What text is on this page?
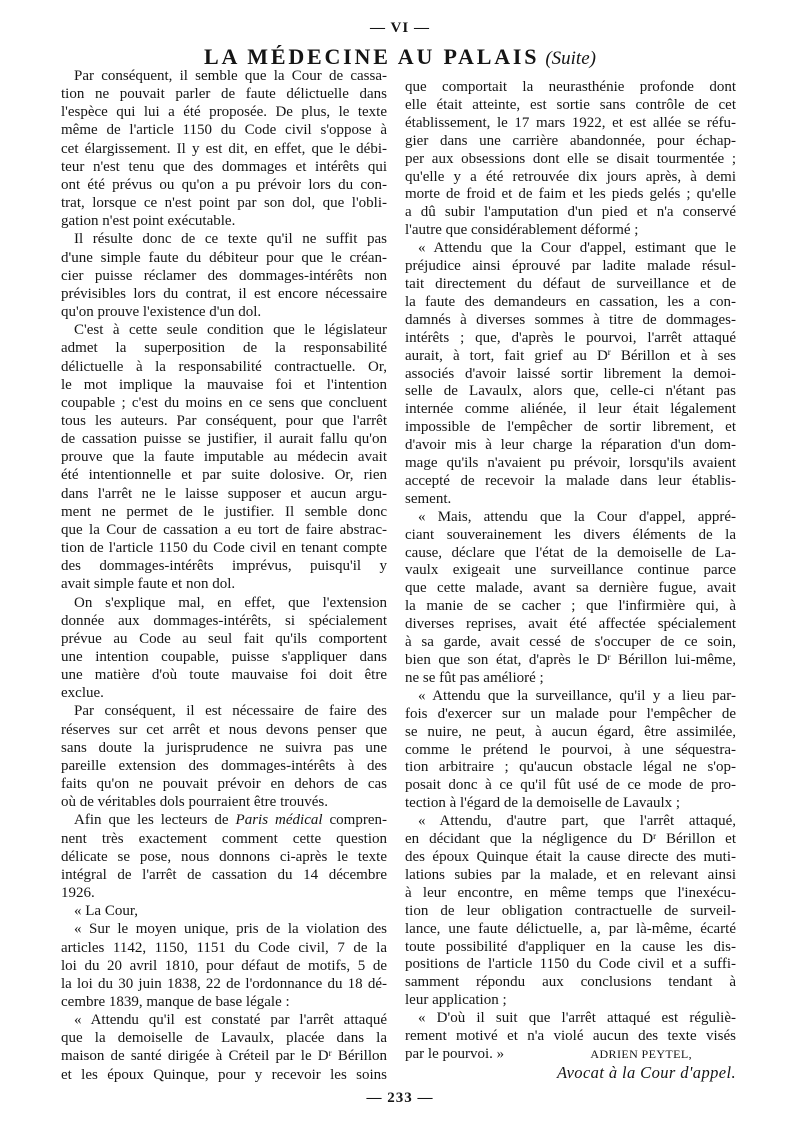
— VI —
LA MÉDECINE AU PALAIS (Suite)
Par conséquent, il semble que la Cour de cassa-
tion ne pouvait parler de faute délictuelle dans
l'espèce qui lui a été proposée. De plus, le texte
même de l'article 1150 du Code civil s'oppose à
cet élargissement. Il y est dit, en effet, que le débi-
teur n'est tenu que des dommages et intérêts qui
ont été prévus ou qu'on a pu prévoir lors du con-
trat, lorsque ce n'est point par son dol, que l'obli-
gation n'est point exécutable.
Il résulte donc de ce texte qu'il ne suffit pas
d'une simple faute du débiteur pour que le créan-
cier puisse réclamer des dommages-intérêts non
prévisibles lors du contrat, il est encore nécessaire
qu'on prouve l'existence d'un dol.
C'est à cette seule condition que le législateur
admet la superposition de la responsabilité
délictuelle à la responsabilité contractuelle. Or,
le mot implique la mauvaise foi et l'intention
coupable ; c'est du moins en ce sens que concluent
tous les auteurs. Par conséquent, pour que l'arrêt
de cassation puisse se justifier, il aurait fallu qu'on
prouve que la faute imputable au médecin avait
été intentionnelle et par suite dolosive. Or, rien
dans l'arrêt ne le laisse supposer et aucun argu-
ment ne permet de le justifier. Il semble donc
que la Cour de cassation a eu tort de faire abstrac-
tion de l'article 1150 du Code civil en tenant compte
des dommages-intérêts imprévus, puisqu'il y
avait simple faute et non dol.
On s'explique mal, en effet, que l'extension
donnée aux dommages-intérêts, si spécialement
prévue au Code au seul fait qu'ils comportent
une intention coupable, puisse s'appliquer dans
une matière d'où toute mauvaise foi doit être
exclue.
Par conséquent, il est nécessaire de faire des
réserves sur cet arrêt et nous devons penser que
sans doute la jurisprudence ne suivra pas une
pareille extension des dommages-intérêts à des
faits qu'on ne pouvait prévoir en dehors de cas
où de véritables dols pourraient être trouvés.
Afin que les lecteurs de Paris médical compren-
nent très exactement comment cette question
délicate se pose, nous donnons ci-après le texte
intégral de l'arrêt de cassation du 14 décembre
1926.
« La Cour,
« Sur le moyen unique, pris de la violation des
articles 1142, 1150, 1151 du Code civil, 7 de la
loi du 20 avril 1810, pour défaut de motifs, 5 de
la loi du 30 juin 1838, 22 de l'ordonnance du 18 dé-
cembre 1839, manque de base légale :
« Attendu qu'il est constaté par l'arrêt attaqué
que la demoiselle de Lavaulx, placée dans la
maison de santé dirigée à Créteil par le $D^r$ Bérillon
et les époux Quinque, pour y recevoir les soins
que comportait la neurasthénie profonde dont
elle était atteinte, est sortie sans contrôle de cet
établissement, le 17 mars 1922, et est allée se réfu-
gier dans une carrière abandonnée, pour échap-
per aux obsessions dont elle se disait tourmentée ;
qu'elle y a été retrouvée dix jours après, à demi
morte de froid et de faim et les pieds gelés ; qu'elle
a dû subir l'amputation d'un pied et n'a conservé
l'autre que considérablement déformé ;
« Attendu que la Cour d'appel, estimant que le
préjudice ainsi éprouvé par ladite malade résul-
tait directement du défaut de surveillance et de
la faute des demandeurs en cassation, les a con-
damnés à diverses sommes à titre de dommages-
intérêts ; que, d'après le pourvoi, l'arrêt attaqué
aurait, à tort, fait grief au $D^r$ Bérillon et à ses
associés d'avoir laissé sortir librement la demoi-
selle de Lavaulx, alors que, celle-ci n'étant pas
internée comme aliénée, il leur était légalement
impossible de l'empêcher de sortir librement, et
d'avoir mis à leur charge la réparation d'un dom-
mage qu'ils n'avaient pu prévoir, lorsqu'ils avaient
accepté de recevoir la malade dans leur établis-
sement.
« Mais, attendu que la Cour d'appel, appré-
ciant souverainement les divers éléments de la
cause, déclare que l'état de la demoiselle de La-
vaulx exigeait une surveillance continue parce
que cette malade, avant sa dernière fugue, avait
la manie de se cacher ; que l'infirmière qui, à
diverses reprises, avait été affectée spécialement
à sa garde, avait cessé de s'occuper de ce soin,
bien que son état, d'après le $D^r$ Bérillon lui-même,
ne se fût pas amélioré ;
« Attendu que la surveillance, qu'il y a lieu par-
fois d'exercer sur un malade pour l'empêcher de
se nuire, ne peut, à aucun égard, être assimilée,
comme le prétend le pourvoi, à une séquestra-
tion arbitraire ; qu'aucun obstacle légal ne s'op-
posait donc à ce qu'il fût usé de ce mode de pro-
tection à l'égard de la demoiselle de Lavaulx ;
« Attendu, d'autre part, que l'arrêt attaqué,
en décidant que la négligence du $D^r$ Bérillon et
des époux Quinque était la cause directe des muti-
lations subies par la malade, et en relevant ainsi
à leur encontre, en même temps que l'inexécu-
tion de leur obligation contractuelle de surveil-
lance, une faute délictuelle, a, par là-même, écarté
toute possibilité d'appliquer en la cause les dis-
positions de l'article 1150 du Code civil et a suffi-
samment répondu aux conclusions tendant à
leur application ;
« D'où il suit que l'arrêt attaqué est réguliè-
rement motivé et n'a violé aucun des texte visés
par le pourvoi. »	ADRIEN PEYTEL,
Avocat à la Cour d'appel.
— 233 —
